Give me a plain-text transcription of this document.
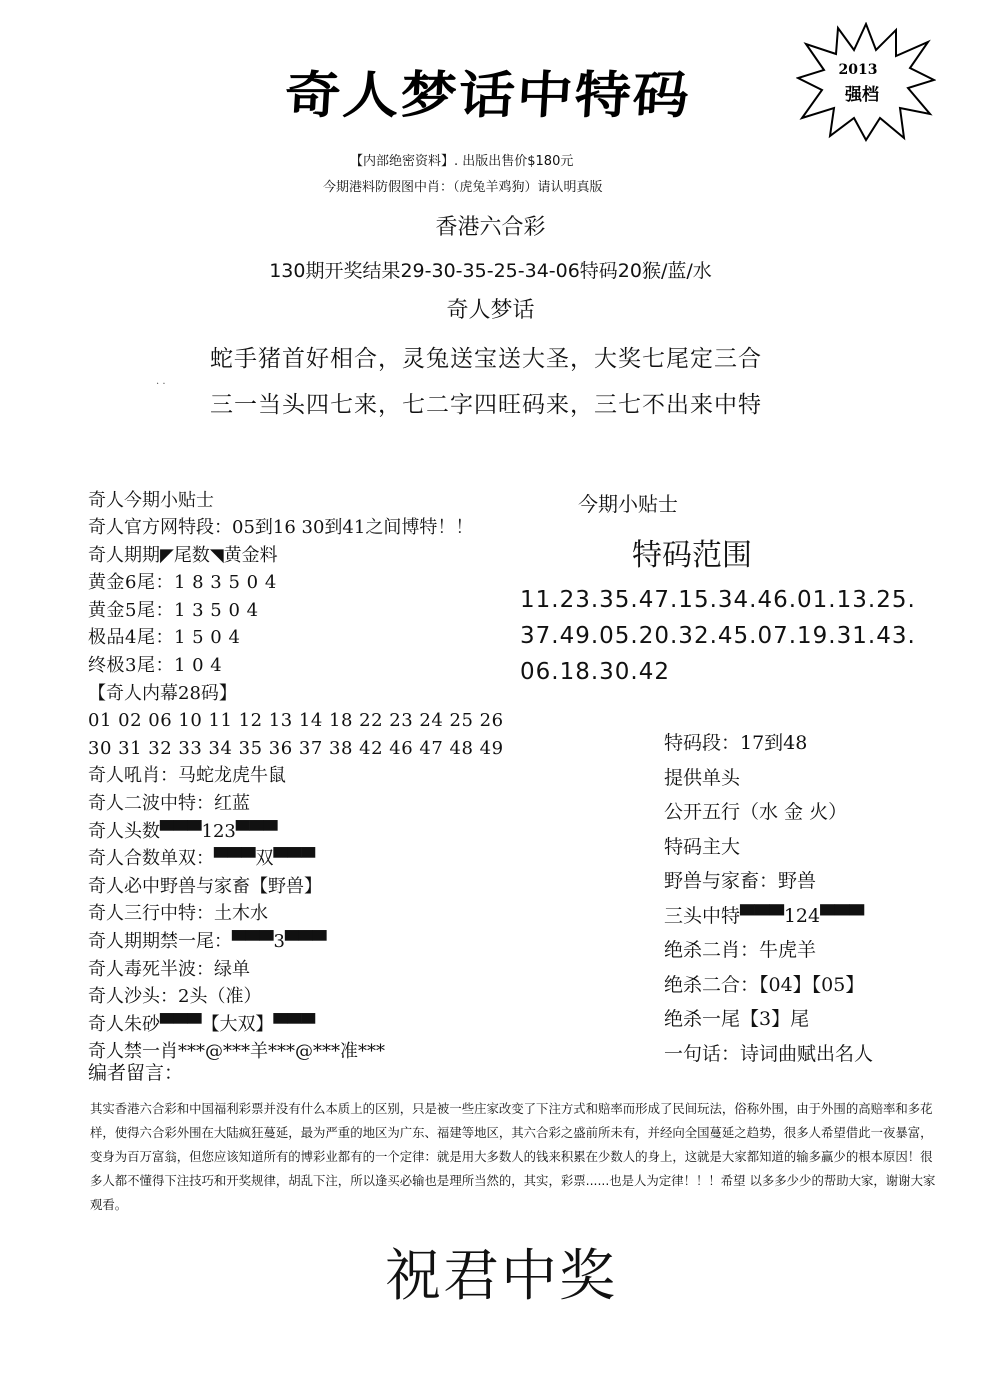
奇人梦话中特码	2013
强档
【内部绝密资料】. 出版出售价$180元
今期港料防假图中肖：（虎兔羊鸡狗）请认明真版
香港六合彩
130期开奖结果29-30-35-25-34-06特码20猴/蓝/水
奇人梦话
蛇手猪首好相合，灵兔送宝送大圣，大奖七尾定三合
三一当头四七来，七二字四旺码来，三七不出来中特
. .
奇人今期小贴士
奇人官方网特段：05到16 30到41之间博特！！
奇人期期◤尾数◥黄金料
黄金6尾：1 8 3 5 0 4
黄金5尾：1 3 5 0 4
极品4尾：1 5 0 4
终极3尾：1 0 4
【奇人内幕28码】
01 02 06 10 11 12 13 14 18 22 23 24 25 26
30 31 32 33 34 35 36 37 38 42 46 47 48 49
奇人吼肖：马蛇龙虎牛鼠
奇人二波中特：红蓝
奇人头数▀▀▀123▀▀▀
奇人合数单双：▀▀▀双▀▀▀
奇人必中野兽与家畜【野兽】
奇人三行中特：土木水
奇人期期禁一尾：▀▀▀3▀▀▀
奇人毒死半波：绿单
奇人沙头：2头（准）
奇人朱砂▀▀▀【大双】▀▀▀
奇人禁一肖***@***羊***@***准***
今期小贴士
特码范围
11.23.35.47.15.34.46.01.13.25. 37.49.05.20.32.45.07.19.31.43. 06.18.30.42
特码段：17到48
提供单头
公开五行（水 金 火）
特码主大
野兽与家畜：野兽
三头中特▀▀▀124▀▀▀
绝杀二肖：牛虎羊
绝杀二合：【04】【05】
绝杀一尾【3】尾
一句话：诗词曲赋出名人
编者留言：
其实香港六合彩和中国福利彩票并没有什么本质上的区别，只是被一些庄家改变了下注方式和赔率而形成了民间玩法，俗称外围，由于外围的高赔率和多花样，使得六合彩外围在大陆疯狂蔓延，最为严重的地区为广东、福建等地区，其六合彩之盛前所未有，并经向全国蔓延之趋势，很多人希望借此一夜暴富，变身为百万富翁，但您应该知道所有的博彩业都有的一个定律：就是用大多数人的钱来积累在少数人的身上，这就是大家都知道的输多赢少的根本原因！很多人都不懂得下注技巧和开奖规律，胡乱下注，所以逢买必输也是理所当然的，其实，彩票......也是人为定律！！！希望 以多多少少的帮助大家，谢谢大家观看。
祝君中奖
